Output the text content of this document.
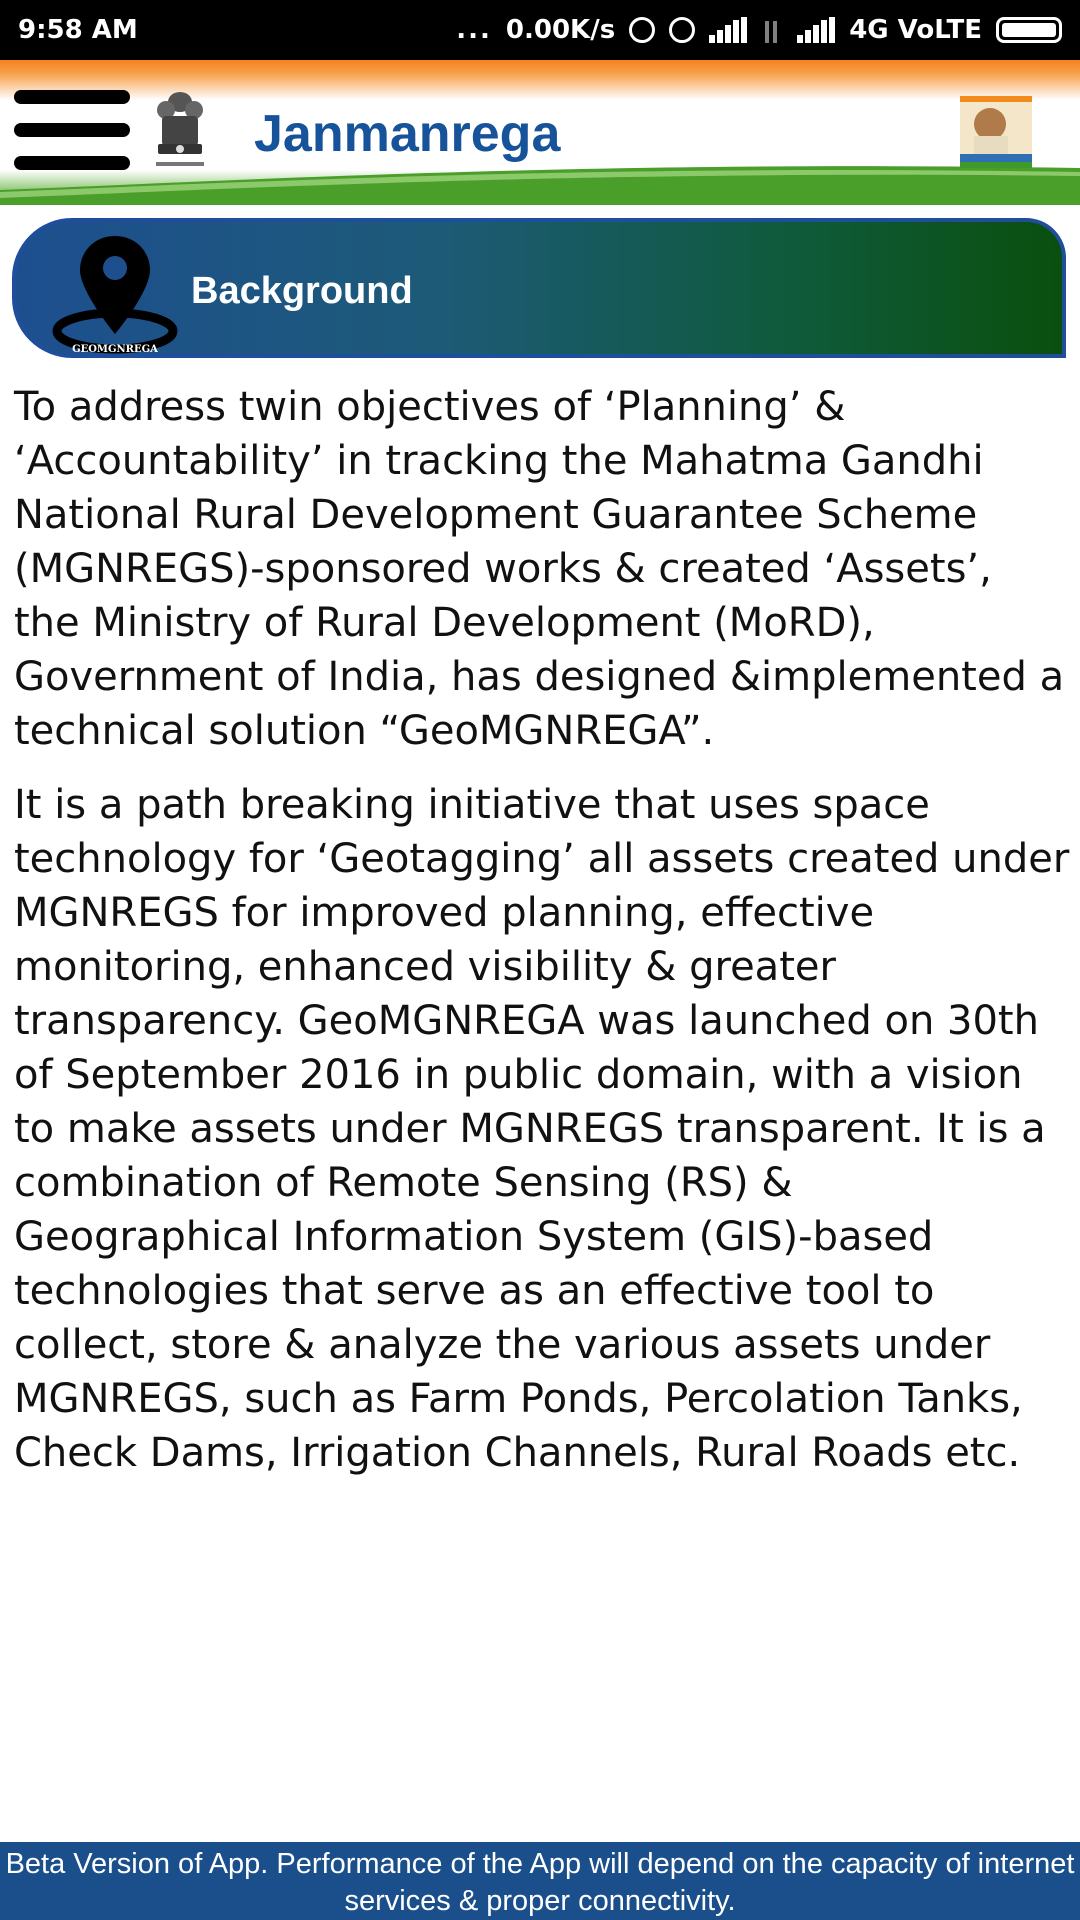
9:58 AM	... 0.00K/s	4G VoLTE
Janmanrega
GEOMGNREGA
Background

To address twin objectives of ‘Planning’ & ‘Accountability’ in tracking the Mahatma Gandhi National Rural Development Guarantee Scheme (MGNREGS)-sponsored works & created ‘Assets’, the Ministry of Rural Development (MoRD), Government of India, has designed &implemented a technical solution “GeoMGNREGA”.

It is a path breaking initiative that uses space technology for ‘Geotagging’ all assets created under MGNREGS for improved planning, effective monitoring, enhanced visibility & greater transparency. GeoMGNREGA was launched on 30th of September 2016 in public domain, with a vision to make assets under MGNREGS transparent. It is a combination of Remote Sensing (RS) & Geographical Information System (GIS)-based technologies that serve as an effective tool to collect, store & analyze the various assets under MGNREGS, such as Farm Ponds, Percolation Tanks, Check Dams, Irrigation Channels, Rural Roads etc.

Beta Version of App. Performance of the App will depend on the capacity of internet services & proper connectivity.
